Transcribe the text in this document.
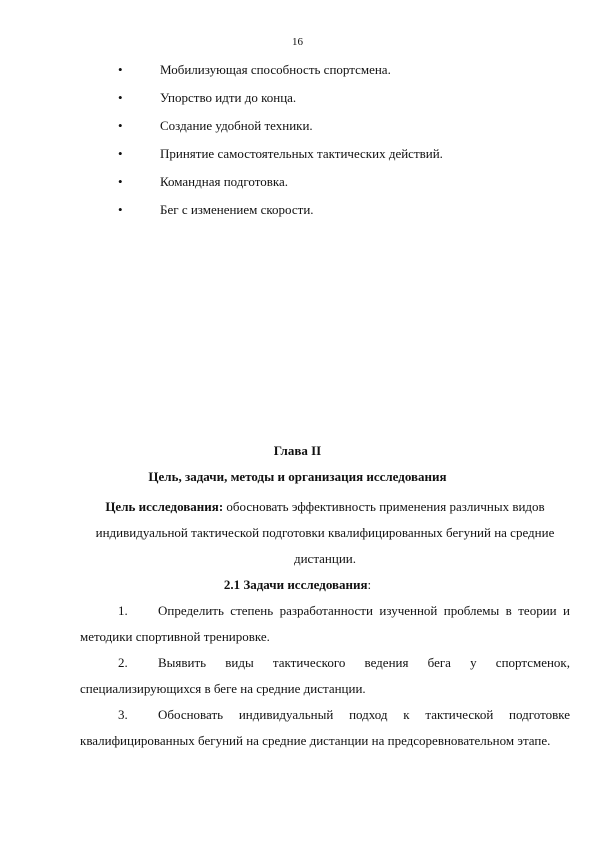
16
•	Мобилизующая способность спортсмена.
•	Упорство идти до конца.
•	Создание удобной техники.
•	Принятие самостоятельных тактических действий.
•	Командная подготовка.
•	Бег с изменением скорости.
Глава II
Цель, задачи, методы и организация исследования
Цель исследования: обосновать эффективность применения различных видов индивидуальной тактической подготовки квалифицированных бегуний на средние дистанции.
2.1 Задачи исследования:
1. Определить степень разработанности изученной проблемы в теории и методики спортивной тренировке.
2. Выявить виды тактического ведения бега у спортсменок, специализирующихся в беге на средние дистанции.
3. Обосновать индивидуальный подход к тактической подготовке квалифицированных бегуний на средние дистанции на предсоревновательном этапе.
